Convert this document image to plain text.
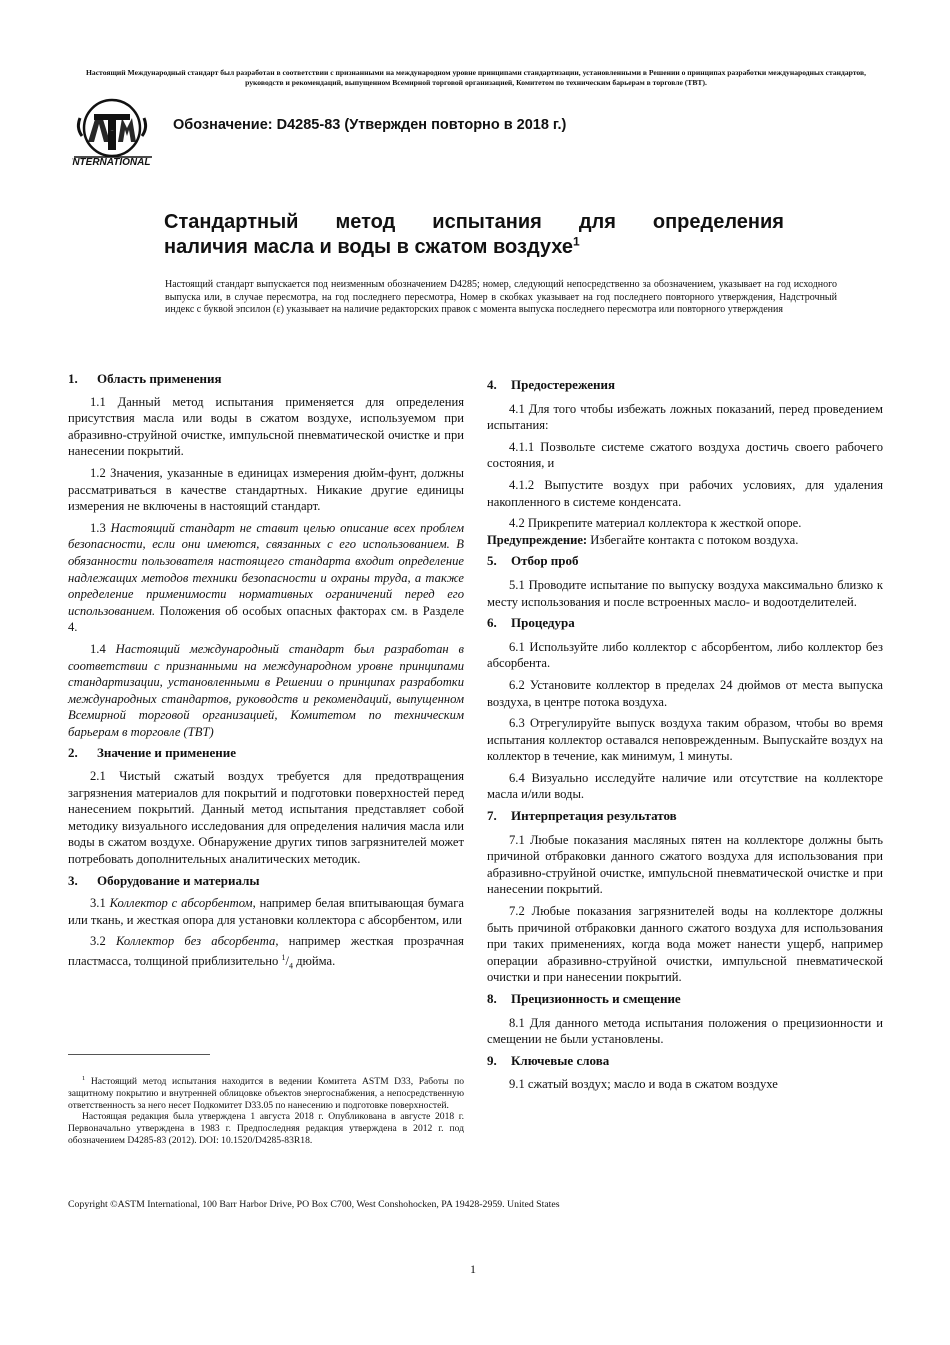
Настоящий Международный стандарт был разработан в соответствии с признанными на международном уровне принципами стандартизации, установленными в Решении о принципах разработки международных стандартов, руководств и рекомендаций, выпущенном Всемирной торговой организацией, Комитетом по техническим барьерам в торговле (TBT).
ASTM
INTERNATIONAL
Обозначение: D4285-83 (Утвержден повторно в 2018 г.)
Стандартный метод испытания для определения
наличия масла и воды в сжатом воздухе$^1$
Настоящий стандарт выпускается под неизменным обозначением D4285; номер, следующий непосредственно за обозначением, указывает на год исходного выпуска или, в случае пересмотра, на год последнего пересмотра, Номер в скобках указывает на год последнего повторного утверждения, Надстрочный индекс с буквой эпсилон (ε) указывает на наличие редакторских правок с момента выпуска последнего пересмотра или повторного утверждения
1. Область применения

1.1 Данный метод испытания применяется для определения присутствия масла или воды в сжатом воздухе, используемом при абразивно-струйной очистке, импульсной пневматической очистке и при нанесении покрытий.

1.2 Значения, указанные в единицах измерения дюйм-фунт, должны рассматриваться в качестве стандартных. Никакие другие единицы измерения не включены в настоящий стандарт.

1.3 Настоящий стандарт не ставит целью описание всех проблем безопасности, если они имеются, связанных с его использованием. В обязанности пользователя настоящего стандарта входит определение надлежащих методов техники безопасности и охраны труда, а также определение применимости нормативных ограничений перед его использованием. Положения об особых опасных факторах см. в Разделе 4.

1.4 Настоящий международный стандарт был разработан в соответствии с признанными на международном уровне принципами стандартизации, установленными в Решении о принципах разработки международных стандартов, руководств и рекомендаций, выпущенном Всемирной торговой организацией, Комитетом по техническим барьерам в торговле (TBT)

2. Значение и применение

2.1 Чистый сжатый воздух требуется для предотвращения загрязнения материалов для покрытий и подготовки поверхностей перед нанесением покрытий. Данный метод испытания представляет собой методику визуального исследования для определения наличия масла или воды в сжатом воздухе. Обнаружение других типов загрязнителей может потребовать дополнительных аналитических методик.

3. Оборудование и материалы

3.1 Коллектор с абсорбентом, например белая впитывающая бумага или ткань, и жесткая опора для установки коллектора с абсорбентом, или

3.2 Коллектор без абсорбента, например жесткая прозрачная пластмасса, толщиной приблизительно $^1/_4$ дюйма.

$^1$ Настоящий метод испытания находится в ведении Комитета ASTM D33, Работы по защитному покрытию и внутренней облицовке объектов энергоснабжения, а непосредственную ответственность за него несет Подкомитет D33.05 по нанесению и подготовке поверхностей.

Настоящая редакция была утверждена 1 августа 2018 г. Опубликована в августе 2018 г. Первоначально утверждена в 1983 г. Предпоследняя редакция утверждена в 2012 г. под обозначением D4285-83 (2012). DOI: 10.1520/D4285-83R18.

4. Предостережения

4.1 Для того чтобы избежать ложных показаний, перед проведением испытания:

4.1.1 Позвольте системе сжатого воздуха достичь своего рабочего состояния, и

4.1.2 Выпустите воздух при рабочих условиях, для удаления накопленного в системе конденсата.

4.2 Прикрепите материал коллектора к жесткой опоре.

Предупреждение: Избегайте контакта с потоком воздуха.

5. Отбор проб

5.1 Проводите испытание по выпуску воздуха максимально близко к месту использования и после встроенных масло- и водоотделителей.

6. Процедура

6.1 Используйте либо коллектор с абсорбентом, либо коллектор без абсорбента.

6.2 Установите коллектор в пределах 24 дюймов от места выпуска воздуха, в центре потока воздуха.

6.3 Отрегулируйте выпуск воздуха таким образом, чтобы во время испытания коллектор оставался неповрежденным. Выпускайте воздух на коллектор в течение, как минимум, 1 минуты.

6.4 Визуально исследуйте наличие или отсутствие на коллекторе масла и/или воды.

7. Интерпретация результатов

7.1 Любые показания масляных пятен на коллекторе должны быть причиной отбраковки данного сжатого воздуха для использования при абразивно-струйной очистке, импульсной пневматической очистке и при нанесении покрытий.

7.2 Любые показания загрязнителей воды на коллекторе должны быть причиной отбраковки данного сжатого воздуха для использования при таких применениях, когда вода может нанести ущерб, например операции абразивно-струйной очистки, импульсной пневматической очистки и при нанесении покрытий.

8. Прецизионность и смещение

8.1 Для данного метода испытания положения о прецизионности и смещении не были установлены.

9. Ключевые слова

9.1 сжатый воздух; масло и вода в сжатом воздухе

Copyright ©ASTM International, 100 Barr Harbor Drive, PO Box C700, West Conshohocken, PA 19428-2959. United States
1
